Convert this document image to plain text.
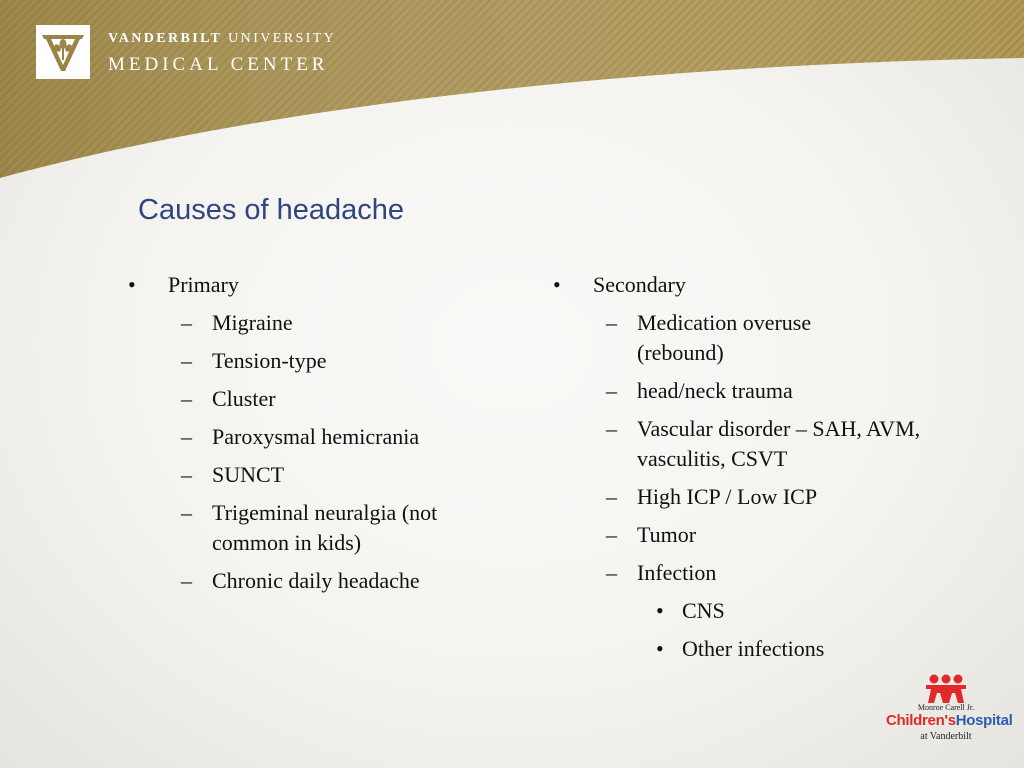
VANDERBILT UNIVERSITY
MEDICAL CENTER
Causes of headache
• Primary
– Migraine
– Tension-type
– Cluster
– Paroxysmal hemicrania
– SUNCT
– Trigeminal neuralgia (not common in kids)
– Chronic daily headache
• Secondary
– Medication overuse (rebound)
– head/neck trauma
– Vascular disorder – SAH, AVM, vasculitis, CSVT
– High ICP / Low ICP
– Tumor
– Infection
• CNS
• Other infections
Monroe Carell Jr.
Children'sHospital
at Vanderbilt
